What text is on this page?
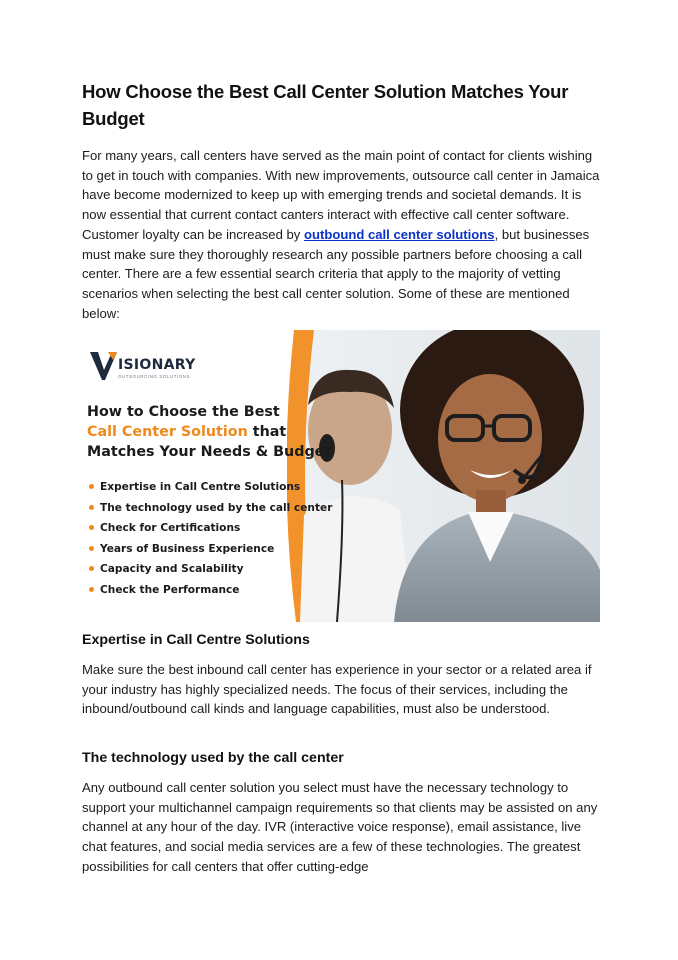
How Choose the Best Call Center Solution Matches Your Budget

For many years, call centers have served as the main point of contact for clients wishing to get in touch with companies. With new improvements, outsource call center in Jamaica have become modernized to keep up with emerging trends and societal demands. It is now essential that current contact canters interact with effective call center software. Customer loyalty can be increased by outbound call center solutions, but businesses must make sure they thoroughly research any possible partners before choosing a call center. There are a few essential search criteria that apply to the majority of vetting scenarios when selecting the best call center solution. Some of these are mentioned below:

ISIONARY
OUTSOURCING SOLUTIONS
How to Choose the Best
Call Center Solution that
Matches Your Needs & Budget
Expertise in Call Centre Solutions
The technology used by the call center
Check for Certifications
Years of Business Experience
Capacity and Scalability
Check the Performance
Expertise in Call Centre Solutions

Make sure the best inbound call center has experience in your sector or a related area if your industry has highly specialized needs. The focus of their services, including the inbound/outbound call kinds and language capabilities, must also be understood.

The technology used by the call center

Any outbound call center solution you select must have the necessary technology to support your multichannel campaign requirements so that clients may be assisted on any channel at any hour of the day. IVR (interactive voice response), email assistance, live chat features, and social media services are a few of these technologies. The greatest possibilities for call centers that offer cutting-edge
